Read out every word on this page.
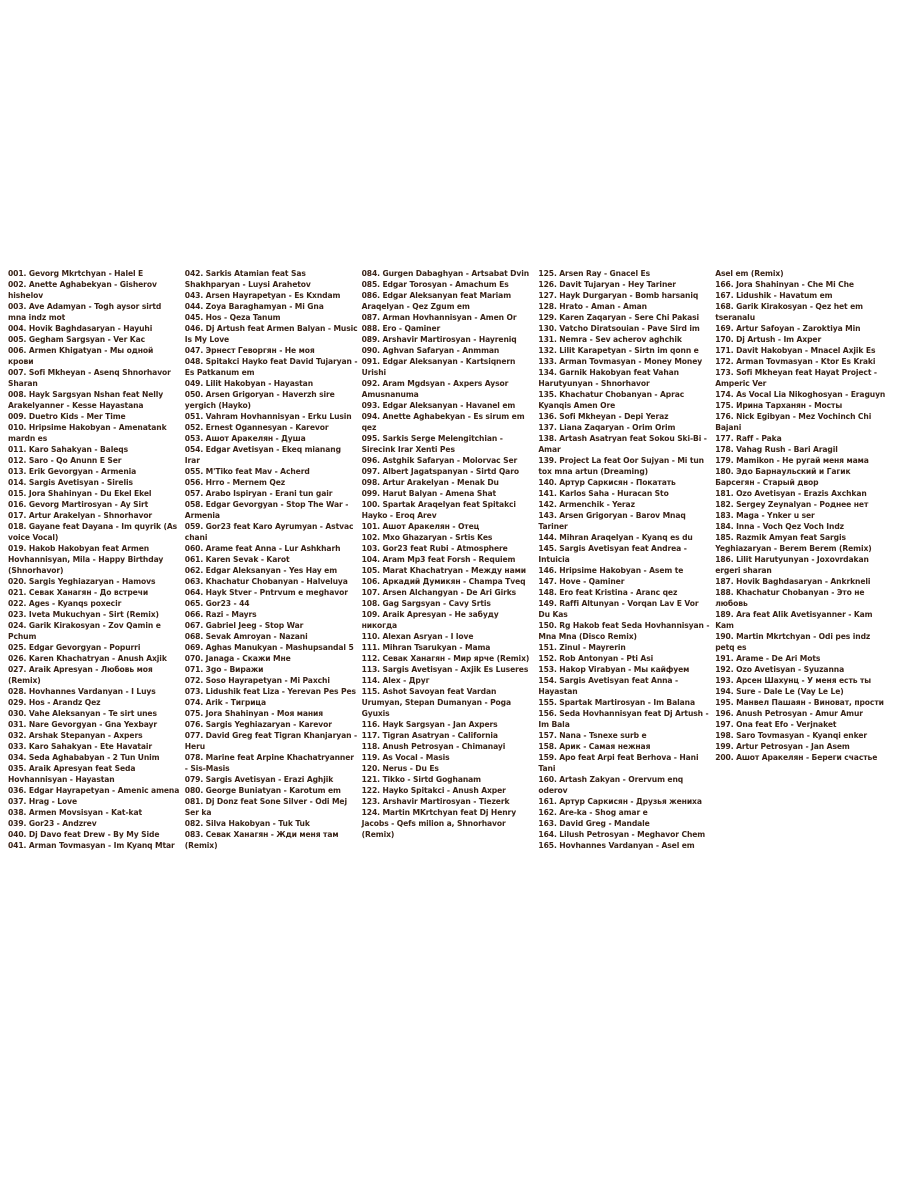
001. Gevorg Mkrtchyan - Halel E
002. Anette Aghabekyan - Gisherov hishelov
003. Ave Adamyan - Togh aysor sirtd mna indz mot
004. Hovik Baghdasaryan - Hayuhi
005. Gegham Sargsyan - Ver Kac
006. Armen Khigatyan - Мы одной крови
007. Sofi Mkheyan - Asenq Shnorhavor Sharan
008. Hayk Sargsyan Nshan feat Nelly Arakelyanner - Kesse Hayastana
009. Duetro Kids - Mer Time
010. Hripsime Hakobyan - Amenatank mardn es
011. Karo Sahakyan - Baleqs
012. Saro - Qo Anunn E Ser
013. Erik Gevorgyan - Armenia
014. Sargis Avetisyan - Sirelis
015. Jora Shahinyan - Du Ekel Ekel
016. Gevorg Martirosyan - Ay Sirt
017. Artur Arakelyan - Shnorhavor
018. Gayane feat Dayana - Im quyrik (As voice Vocal)
019. Hakob Hakobyan feat Armen Hovhannisyan, Mila - Happy Birthday (Shnorhavor)
020. Sargis Yeghiazaryan - Hamovs
021. Севак Ханагян - До встречи
022. Ages - Kyanqs poxecir
023. Iveta Mukuchyan - Sirt (Remix)
024. Garik Kirakosyan - Zov Qamin e Pchum
025. Edgar Gevorgyan - Popurri
026. Karen Khachatryan - Anush Axjik
027. Araik Apresyan - Любовь моя (Remix)
028. Hovhannes Vardanyan - I Luys
029. Hos - Arandz Qez
030. Vahe Aleksanyan - Te sirt unes
031. Nare Gevorgyan - Gna Yexbayr
032. Arshak Stepanyan - Axpers
033. Karo Sahakyan - Ete Havatair
034. Seda Aghababyan - 2 Tun Unim
035. Araik Apresyan feat Seda Hovhannisyan - Hayastan
036. Edgar Hayrapetyan - Amenic amena
037. Hrag - Love
038. Armen Movsisyan - Kat-kat
039. Gor23 - Andzrev
040. Dj Davo feat Drew - By My Side
041. Arman Tovmasyan - Im Kyanq Mtar
042. Sarkis Atamian feat Sas Shakhparyan - Luysi Arahetov
043. Arsen Hayrapetyan - Es Kxndam
044. Zoya Baraghamyan - Mi Gna
045. Hos - Qeza Tanum
046. Dj Artush feat Armen Balyan - Music Is My Love
047. Эрнест Геворгян - Не моя
048. Spitakci Hayko feat David Tujaryan - Es Patkanum em
049. Lilit Hakobyan - Hayastan
050. Arsen Grigoryan - Haverzh sire yergich (Hayko)
051. Vahram Hovhannisyan - Erku Lusin
052. Ernest Ogannesyan - Karevor
053. Ашот Аракелян - Душа
054. Edgar Avetisyan - Ekeq mianang Irar
055. M'Tiko feat Mav - Acherd
056. Hrro - Mernem Qez
057. Arabo Ispiryan - Erani tun gair
058. Edgar Gevorgyan - Stop The War - Armenia
059. Gor23 feat Karo Ayrumyan - Astvac chani
060. Arame feat Anna - Lur Ashkharh
061. Karen Sevak - Karot
062. Edgar Aleksanyan - Yes Hay em
063. Khachatur Chobanyan - Halveluya
064. Hayk Stver - Pntrvum e meghavor
065. Gor23 - 44
066. Razi - Mayrs
067. Gabriel Jeeg - Stop War
068. Sevak Amroyan - Nazani
069. Aghas Manukyan - Mashupsandal 5
070. Janaga - Скажи Мне
071. 3go - Виражи
072. Soso Hayrapetyan - Mi Paxchi
073. Lidushik feat Liza - Yerevan Pes Pes
074. Arik - Тигрица
075. Jora Shahinyan - Моя мания
076. Sargis Yeghiazaryan - Karevor
077. David Greg feat Tigran Khanjaryan - Heru
078. Marine feat Arpine Khachatryanner - Sis-Masis
079. Sargis Avetisyan - Erazi Aghjik
080. George Buniatyan - Karotum em
081. Dj Donz feat Sone Silver - Odi Mej Ser ka
082. Silva Hakobyan - Tuk Tuk
083. Севак Ханагян - Жди меня там (Remix)
084. Gurgen Dabaghyan - Artsabat Dvin
085. Edgar Torosyan - Amachum Es
086. Edgar Aleksanyan feat Mariam Araqelyan - Qez Zgum em
087. Arman Hovhannisyan - Amen Or
088. Ero - Qaminer
089. Arshavir Martirosyan - Hayreniq
090. Aghvan Safaryan - Anmman
091. Edgar Aleksanyan - Kartsiqnern Urishi
092. Aram Mgdsyan - Axpers Aysor Amusnanuma
093. Edgar Aleksanyan - Havanel em
094. Anette Aghabekyan - Es sirum em qez
095. Sarkis Serge Melengitchian - Sirecink Irar Xenti Pes
096. Astghik Safaryan - Molorvac Ser
097. Albert Jagatspanyan - Sirtd Qaro
098. Artur Arakelyan - Menak Du
099. Harut Balyan - Amena Shat
100. Spartak Araqelyan feat Spitakci Hayko - Eroq Arev
101. Ашот Аракелян - Отец
102. Mxo Ghazaryan - Srtis Kes
103. Gor23 feat Rubi - Atmosphere
104. Aram Mp3 feat Forsh - Requiem
105. Marat Khachatryan - Между нами
106. Аркадий Думикян - Champa Tveq
107. Arsen Alchangyan - De Ari Girks
108. Gag Sargsyan - Cavy Srtis
109. Araik Apresyan - Не забуду никогда
110. Alexan Asryan - I love
111. Mihran Tsarukyan - Mama
112. Севак Ханагян - Мир ярче (Remix)
113. Sargis Avetisyan - Axjik Es Luseres
114. Alex - Друг
115. Ashot Savoyan feat Vardan Urumyan, Stepan Dumanyan - Poga Gyuxis
116. Hayk Sargsyan - Jan Axpers
117. Tigran Asatryan - California
118. Anush Petrosyan - Chimanayi
119. As Vocal - Masis
120. Nerus - Du Es
121. Tikko - Sirtd Goghanam
122. Hayko Spitakci - Anush Axper
123. Arshavir Martirosyan - Tiezerk
124. Martin MKrtchyan feat Dj Henry Jacobs - Qefs milion a, Shnorhavor (Remix)
125. Arsen Ray - Gnacel Es
126. Davit Tujaryan - Hey Tariner
127. Hayk Durgaryan - Bomb harsaniq
128. Hrato - Aman - Aman
129. Karen Zaqaryan - Sere Chi Pakasi
130. Vatcho Diratsouian - Pave Sird im
131. Nemra - Sev acherov aghchik
132. Lilit Karapetyan - Sirtn im qonn e
133. Arman Tovmasyan - Money Money
134. Garnik Hakobyan feat Vahan Harutyunyan - Shnorhavor
135. Khachatur Chobanyan - Aprac Kyanqis Amen Ore
136. Sofi Mkheyan - Depi Yeraz
137. Liana Zaqaryan - Orim Orim
138. Artash Asatryan feat Sokou Ski-Bi - Amar
139. Project La feat Oor Sujyan - Mi tun tox mna artun (Dreaming)
140. Артур Саркисян - Покатать
141. Karlos Saha - Huracan Sto
142. Armenchik - Yeraz
143. Arsen Grigoryan - Barov Mnaq Tariner
144. Mihran Araqelyan - Kyanq es du
145. Sargis Avetisyan feat Andrea - Intuicia
146. Hripsime Hakobyan - Asem te
147. Hove - Qaminer
148. Ero feat Kristina - Aranc qez
149. Raffi Altunyan - Vorqan Lav E Vor Du Kas
150. Rg Hakob feat Seda Hovhannisyan - Mna Mna (Disco Remix)
151. Zinul - Mayrerin
152. Rob Antonyan - Pti Asi
153. Hakop Virabyan - Мы кайфуем
154. Sargis Avetisyan feat Anna - Hayastan
155. Spartak Martirosyan - Im Balana
156. Seda Hovhannisyan feat Dj Artush - Im Bala
157. Nana - Tsnexe surb e
158. Арик - Самая нежная
159. Apo feat Arpi feat Berhova - Hani Tani
160. Artash Zakyan - Orervum enq oderov
161. Артур Саркисян - Друзья жениха
162. Are-ka - Shog amar e
163. David Greg - Mandale
164. Lilush Petrosyan - Meghavor Chem
165. Hovhannes Vardanyan - Asel em
Asel em (Remix)
166. Jora Shahinyan - Che Mi Che
167. Lidushik - Havatum em
168. Garik Kirakosyan - Qez het em tseranalu
169. Artur Safoyan - Zaroktiya Min
170. Dj Artush - Im Axper
171. Davit Hakobyan - Mnacel Axjik Es
172. Arman Tovmasyan - Ktor Es Kraki
173. Sofi Mkheyan feat Hayat Project - Amperic Ver
174. As Vocal Lia Nikoghosyan - Eraguyn
175. Ирина Тарханян - Мосты
176. Nick Egibyan - Mez Vochinch Chi Bajani
177. Raff - Paka
178. Vahag Rush - Bari Aragil
179. Mamikon - Не ругай меня мама
180. Эдо Барнаульский и Гагик Барсегян - Старый двор
181. Ozo Avetisyan - Erazis Axchkan
182. Sergey Zeynalyan - Роднее нет
183. Maga - Ynker u ser
184. Inna - Voch Qez Voch Indz
185. Razmik Amyan feat Sargis Yeghiazaryan - Berem Berem (Remix)
186. Lilit Harutyunyan - Joxovrdakan ergeri sharan
187. Hovik Baghdasaryan - Ankrkneli
188. Khachatur Chobanyan - Это не любовь
189. Ara feat Alik Avetisyanner - Kam Kam
190. Martin Mkrtchyan - Odi pes indz petq es
191. Arame - De Ari Mots
192. Ozo Avetisyan - Syuzanna
193. Арсен Шахунц - У меня есть ты
194. Sure - Dale Le (Vay Le Le)
195. Манвел Пашаян - Виноват, прости
196. Anush Petrosyan - Amur Amur
197. Ona feat Efo - Verjnaket
198. Saro Tovmasyan - Kyanqi enker
199. Artur Petrosyan - Jan Asem
200. Ашот Аракелян - Береги счастье
